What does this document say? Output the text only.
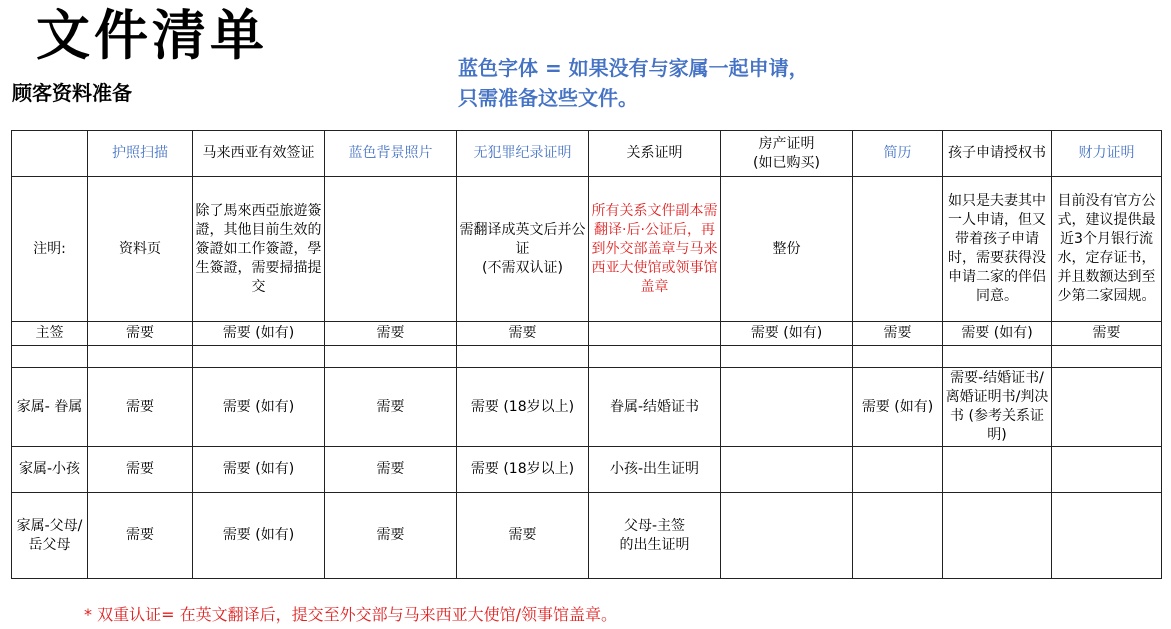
文件清单
顾客资料准备
蓝色字体 = 如果没有与家属一起申请，
只需准备这些文件。
	护照扫描	马来西亚有效签证	蓝色背景照片	无犯罪纪录证明	关系证明	房产证明
(如已购买)	简历	孩子申请授权书	财力证明
注明:	资料页	除了馬來西亞旅遊簽證，其他目前生效的簽證如工作簽證，學生簽證，需要掃描提交		需翻译成英文后并公证
(不需双认证)	所有关系文件副本需翻译·后·公证后，再到外交部盖章与马来西亚大使馆或领事馆盖章	整份		如只是夫妻其中一人申请，但又带着孩子申请时，需要获得没申请二家的伴侣同意。	目前没有官方公式，建议提供最近3个月银行流水，定存证书，并且数额达到至少第二家园规。
主签	需要	需要 (如有)	需要	需要		需要 (如有)	需要	需要 (如有)	需要

家属- 眷属	需要	需要 (如有)	需要	需要 (18岁以上)	眷属-结婚证书		需要 (如有)	需要-结婚证书/离婚证明书/判决书 (参考关系证明)	
家属-小孩	需要	需要 (如有)	需要	需要 (18岁以上)	小孩-出生证明				
家属-父母/岳父母	需要	需要 (如有)	需要	需要	父母-主签
的出生证明				

* 双重认证= 在英文翻译后，提交至外交部与马来西亚大使馆/领事馆盖章。
